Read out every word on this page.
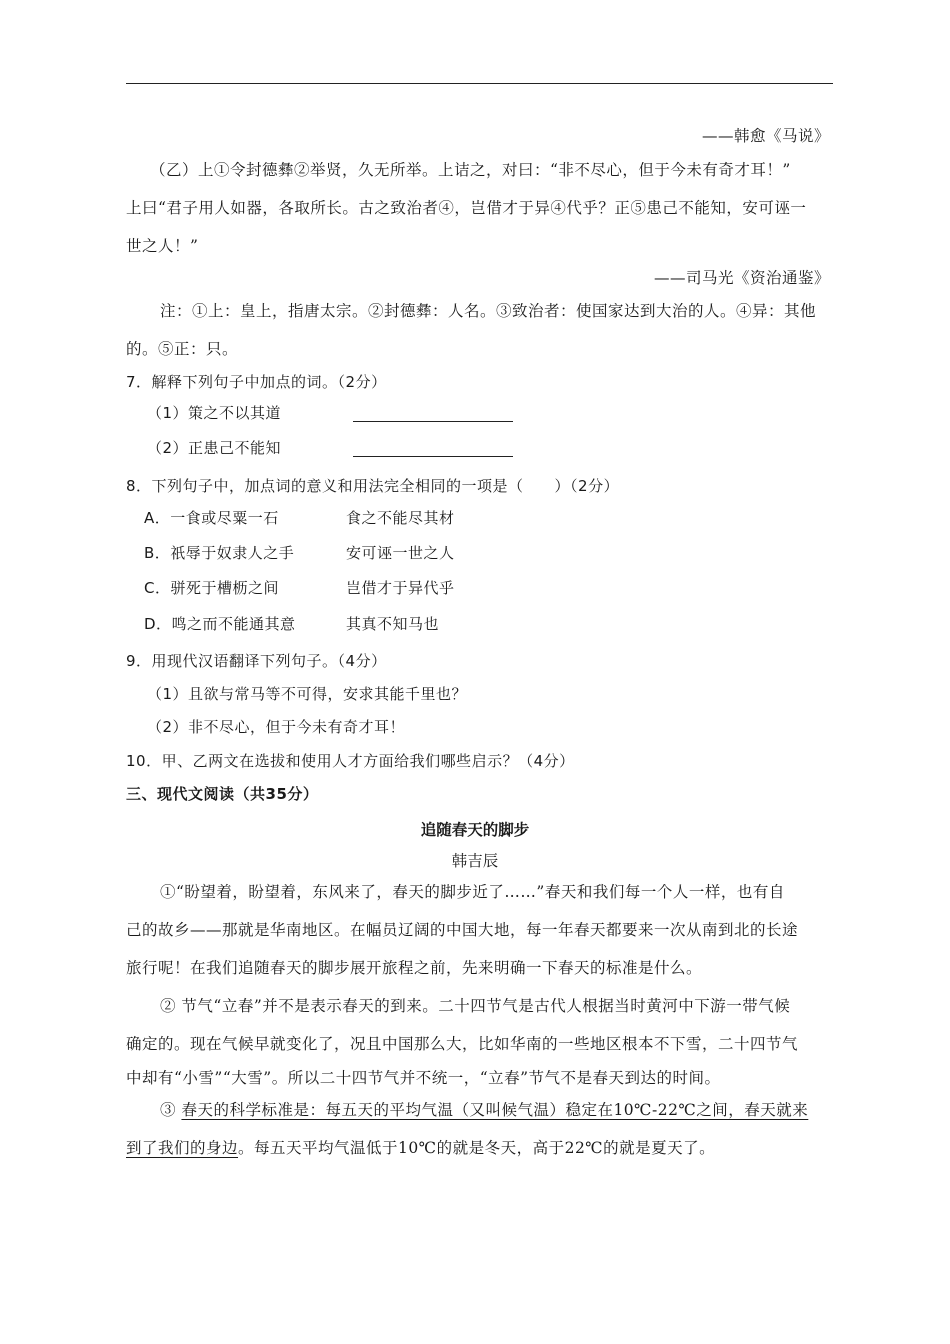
——韩愈《马说》
（乙）上①令封德彝②举贤，久无所举。上诘之，对曰：“非不尽心，但于今未有奇才耳！”
上曰“君子用人如器，各取所长。古之致治者④，岂借才于异④代乎？正⑤患己不能知，安可诬一
世之人！”
——司马光《资治通鉴》
注：①上：皇上，指唐太宗。②封德彝：人名。③致治者：使国家达到大治的人。④异：其他
的。⑤正：只。
7．解释下列句子中加点的词。（2分）
（1）策之不以其道
（2）正患己不能知
8．下列句子中，加点词的意义和用法完全相同的一项是（　　）（2分）
A．一食或尽粟一石	食之不能尽其材
B．祇辱于奴隶人之手	安可诬一世之人
C．骈死于槽枥之间	岂借才于异代乎
D．鸣之而不能通其意	其真不知马也
9．用现代汉语翻译下列句子。（4分）
（1）且欲与常马等不可得，安求其能千里也？
（2）非不尽心，但于今未有奇才耳！
10．甲、乙两文在选拔和使用人才方面给我们哪些启示？（4分）
三、现代文阅读（共35分）
追随春天的脚步
韩吉辰
①“盼望着，盼望着，东风来了，春天的脚步近了……”春天和我们每一个人一样，也有自
己的故乡——那就是华南地区。在幅员辽阔的中国大地，每一年春天都要来一次从南到北的长途
旅行呢！在我们追随春天的脚步展开旅程之前，先来明确一下春天的标准是什么。
② 节气“立春”并不是表示春天的到来。二十四节气是古代人根据当时黄河中下游一带气候
确定的。现在气候早就变化了，况且中国那么大，比如华南的一些地区根本不下雪，二十四节气
中却有“小雪”“大雪”。所以二十四节气并不统一，“立春”节气不是春天到达的时间。
③ 春天的科学标准是：每五天的平均气温（又叫候气温）稳定在10℃-22℃之间，春天就来
到了我们的身边。每五天平均气温低于10℃的就是冬天，高于22℃的就是夏天了。
